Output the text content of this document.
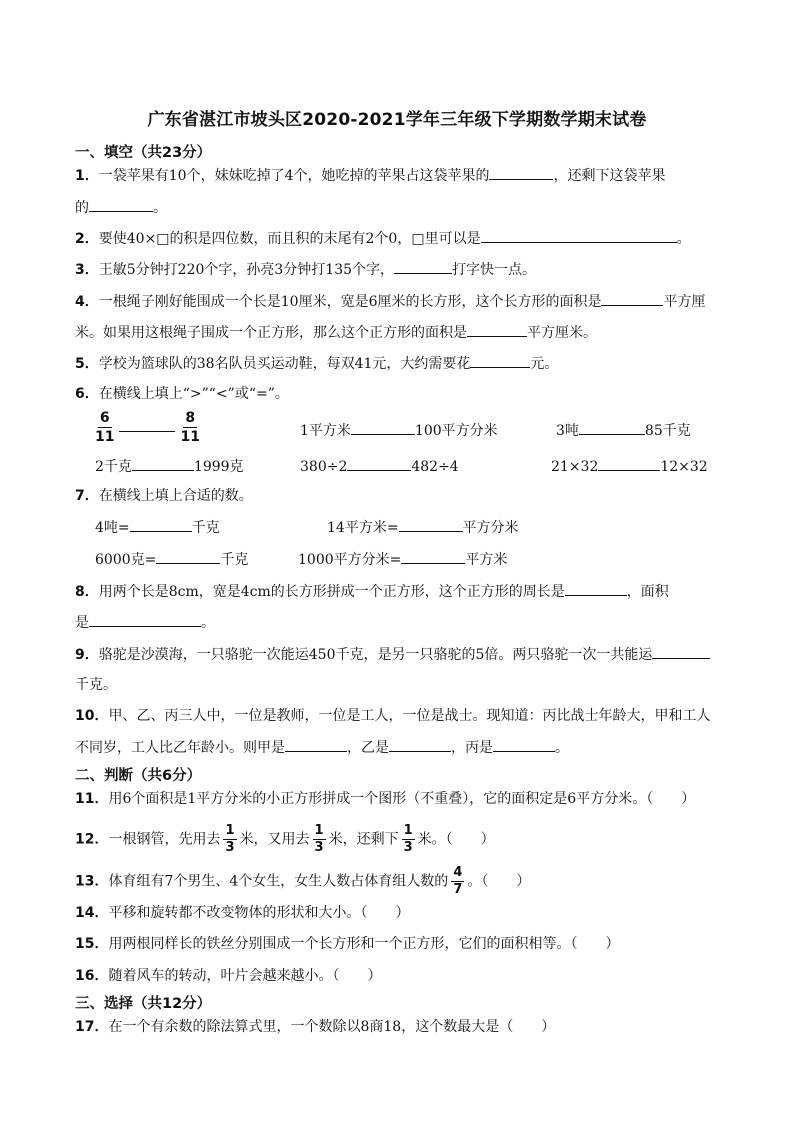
广东省湛江市坡头区2020-2021学年三年级下学期数学期末试卷
一、填空（共23分）
1．一袋苹果有10个，妹妹吃掉了4个，她吃掉的苹果占这袋苹果的	，还剩下这袋苹果
的	。
2．要使40×□的积是四位数，而且积的末尾有2个0，□里可以是	。
3．王敏5分钟打220个字，孙亮3分钟打135个字，	打字快一点。
4．一根绳子刚好能围成一个长是10厘米，宽是6厘米的长方形，这个长方形的面积是	平方厘
米。如果用这根绳子围成一个正方形，那么这个正方形的面积是	平方厘米。
5．学校为篮球队的38名队员买运动鞋，每双41元，大约需要花	元。
6．在横线上填上“>”“<”或“=”。
$\frac{6}{11}$	$\frac{8}{11}$	1平方米	100平方分米	3吨	85千克
2千克	1999克	380÷2	482÷4	21×32	12×32
7．在横线上填上合适的数。
4吨=	千克	14平方米=	平方分米
6000克=	千克	1000平方分米=	平方米
8．用两个长是8cm，宽是4cm的长方形拼成一个正方形，这个正方形的周长是	，面积
是	。
9．骆驼是沙漠海，一只骆驼一次能运450千克，是另一只骆驼的5倍。两只骆驼一次一共能运
千克。
10．甲、乙、丙三人中，一位是教师，一位是工人，一位是战士。现知道：丙比战士年龄大，甲和工人
不同岁，工人比乙年龄小。则甲是	，乙是	，丙是	。
二、判断（共6分）
11．用6个面积是1平方分米的小正方形拼成一个图形（不重叠），它的面积定是6平方分米。（　　）
12．一根钢管，先用去 $\frac{1}{3}$ 米，又用去 $\frac{1}{3}$ 米，还剩下 $\frac{1}{3}$ 米。（　　）
13．体育组有7个男生、4个女生，女生人数占体育组人数的 $\frac{4}{7}$ 。（　　）
14．平移和旋转都不改变物体的形状和大小。（　　）
15．用两根同样长的铁丝分别围成一个长方形和一个正方形，它们的面积相等。（　　）
16．随着风车的转动，叶片会越来越小。（　　）
三、选择（共12分）
17．在一个有余数的除法算式里，一个数除以8商18，这个数最大是（　　）
